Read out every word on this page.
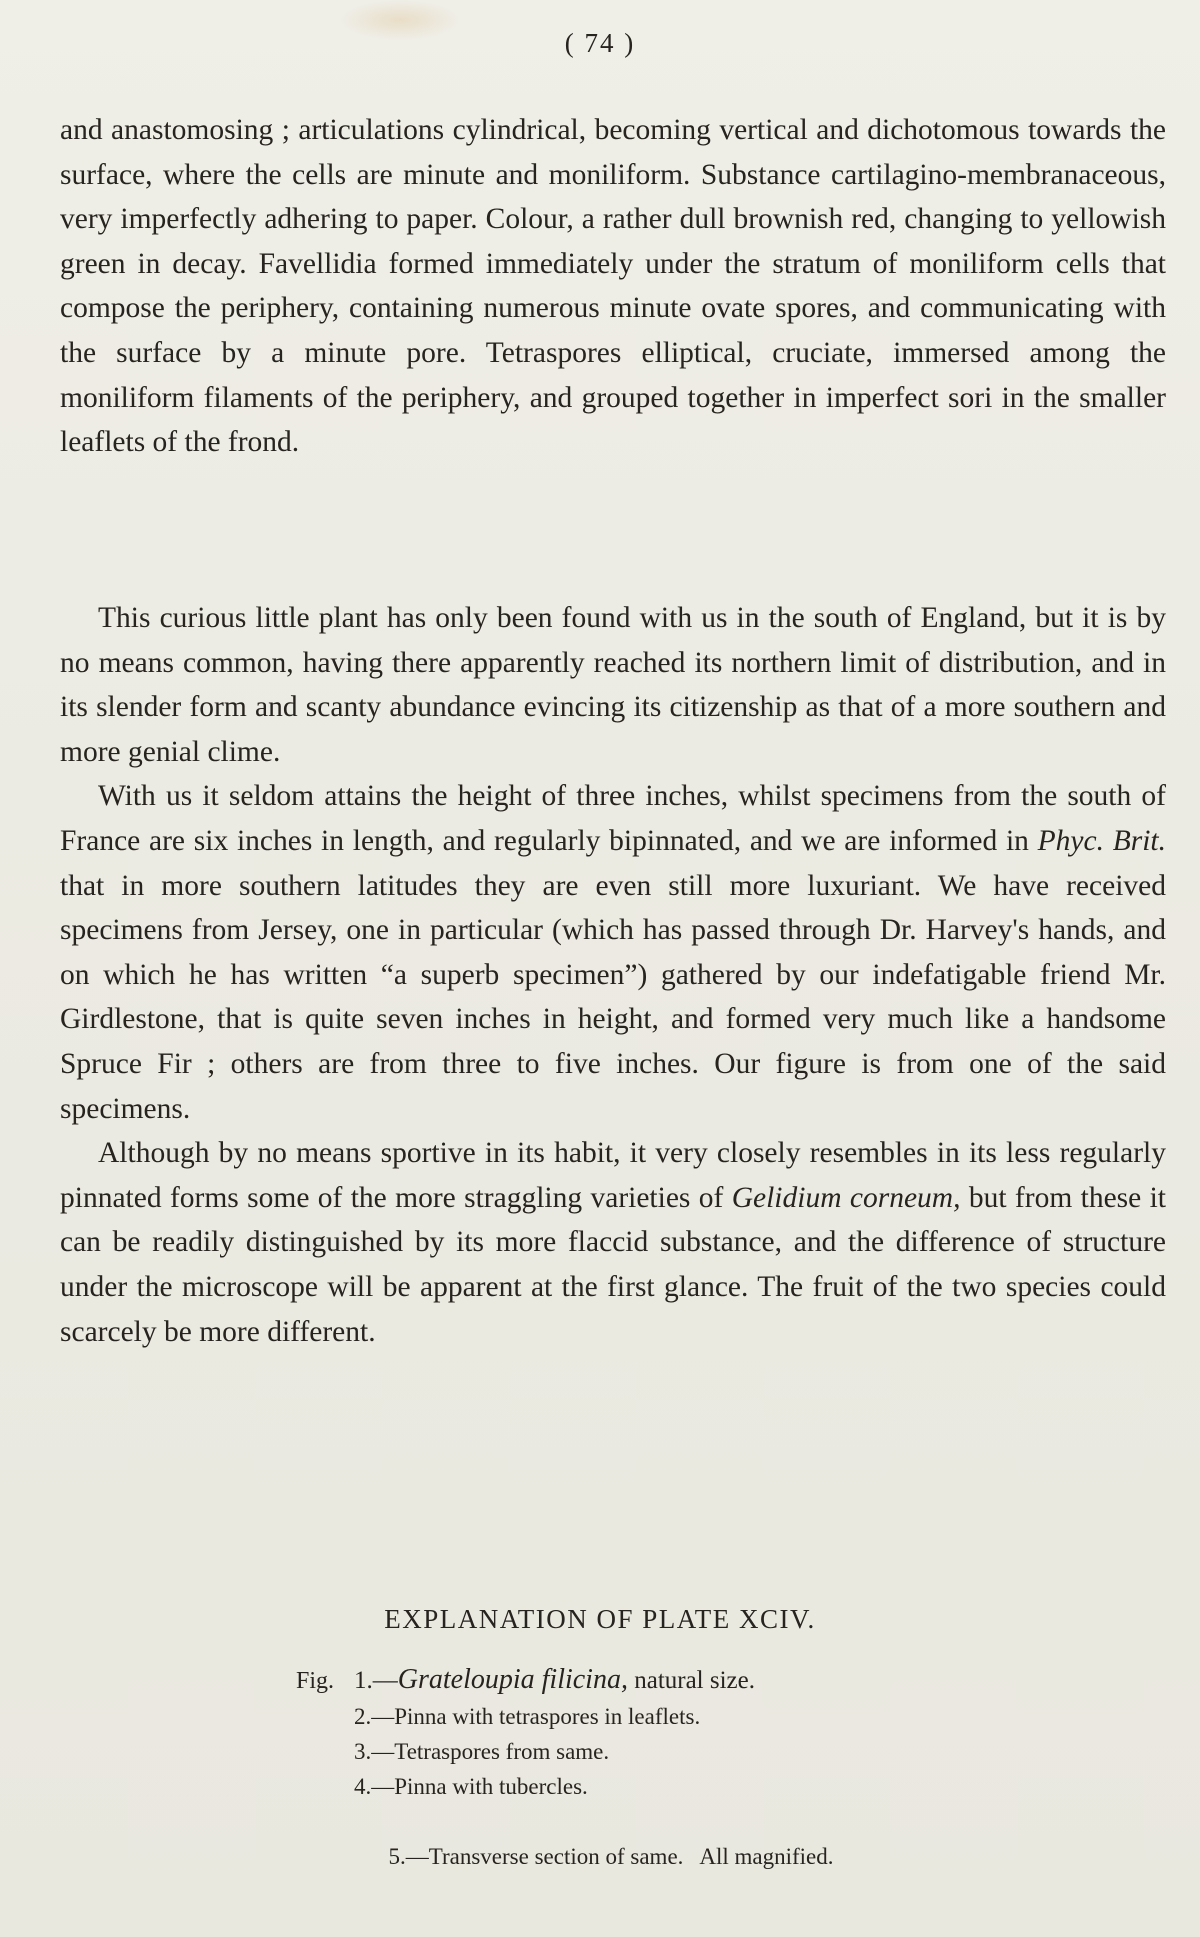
( 74 )

and anastomosing ; articulations cylindrical, becoming vertical and dichotomous towards the surface, where the cells are minute and moniliform. Substance cartilagino-membranaceous, very imperfectly adhering to paper. Colour, a rather dull brownish red, changing to yellowish green in decay. Favellidia formed immediately under the stratum of moniliform cells that compose the periphery, containing numerous minute ovate spores, and communicating with the surface by a minute pore. Tetraspores elliptical, cruciate, immersed among the moniliform filaments of the periphery, and grouped together in imperfect sori in the smaller leaflets of the frond.

This curious little plant has only been found with us in the south of England, but it is by no means common, having there apparently reached its northern limit of distribution, and in its slender form and scanty abundance evincing its citizenship as that of a more southern and more genial clime.

With us it seldom attains the height of three inches, whilst specimens from the south of France are six inches in length, and regularly bipinnated, and we are informed in Phyc. Brit. that in more southern latitudes they are even still more luxuriant. We have received specimens from Jersey, one in particular (which has passed through Dr. Harvey's hands, and on which he has written “a superb specimen”) gathered by our indefatigable friend Mr. Girdlestone, that is quite seven inches in height, and formed very much like a handsome Spruce Fir ; others are from three to five inches. Our figure is from one of the said specimens.

Although by no means sportive in its habit, it very closely resembles in its less regularly pinnated forms some of the more straggling varieties of Gelidium corneum, but from these it can be readily distinguished by its more flaccid substance, and the difference of structure under the microscope will be apparent at the first glance. The fruit of the two species could scarcely be more different.

EXPLANATION OF PLATE XCIV.
Fig. 1.—Grateloupia filicina, natural size.
2.—Pinna with tetraspores in leaflets.
3.—Tetraspores from same.
4.—Pinna with tubercles.

5.—Transverse section of same.   All magnified.
